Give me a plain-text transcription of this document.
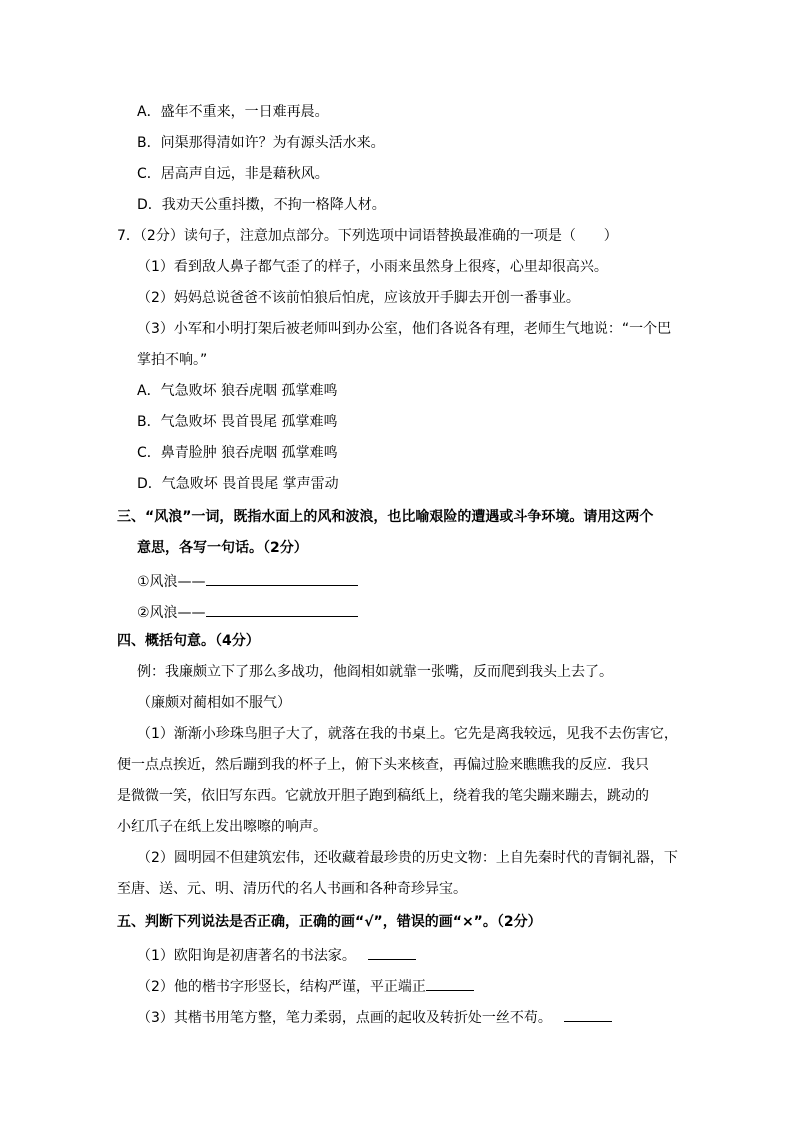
A．盛年不重来，一日难再晨。
B．问渠那得清如许？为有源头活水来。
C．居高声自远，非是藉秋风。
D．我劝天公重抖擞，不拘一格降人材。
7．（2分）读句子，注意加点部分。下列选项中词语替换最准确的一项是（　　）
（1）看到敌人鼻子都气歪了的样子，小雨来虽然身上很疼，心里却很高兴。
（2）妈妈总说爸爸不该前怕狼后怕虎，应该放开手脚去开创一番事业。
（3）小军和小明打架后被老师叫到办公室，他们各说各有理，老师生气地说：“一个巴
掌拍不响。”
A．气急败坏 狼吞虎咽 孤掌难鸣
B．气急败坏 畏首畏尾 孤掌难鸣
C．鼻青脸肿 狼吞虎咽 孤掌难鸣
D．气急败坏 畏首畏尾 掌声雷动
三、“风浪”一词，既指水面上的风和波浪，也比喻艰险的遭遇或斗争环境。请用这两个
意思，各写一句话。（2分）
①风浪——
②风浪——
四、概括句意。（4分）
例：我廉颇立下了那么多战功，他阎相如就靠一张嘴，反而爬到我头上去了。
（廉颇对蔺相如不服气）
（1）渐渐小珍珠鸟胆子大了，就落在我的书桌上。它先是离我较远，见我不去伤害它，
便一点点挨近，然后蹦到我的杯子上，俯下头来核查，再偏过脸来瞧瞧我的反应．我只
是微微一笑，依旧写东西。它就放开胆子跑到稿纸上，绕着我的笔尖蹦来蹦去，跳动的
小红爪子在纸上发出嚓嚓的响声。
（2）圆明园不但建筑宏伟，还收藏着最珍贵的历史文物：上自先秦时代的青铜礼器，下
至唐、送、元、明、清历代的名人书画和各种奇珍异宝。
五、判断下列说法是否正确，正确的画“√”，错误的画“×”。（2分）
（1）欧阳询是初唐著名的书法家。
（2）他的楷书字形竖长，结构严谨，平正端正
（3）其楷书用笔方整，笔力柔弱，点画的起收及转折处一丝不苟。
